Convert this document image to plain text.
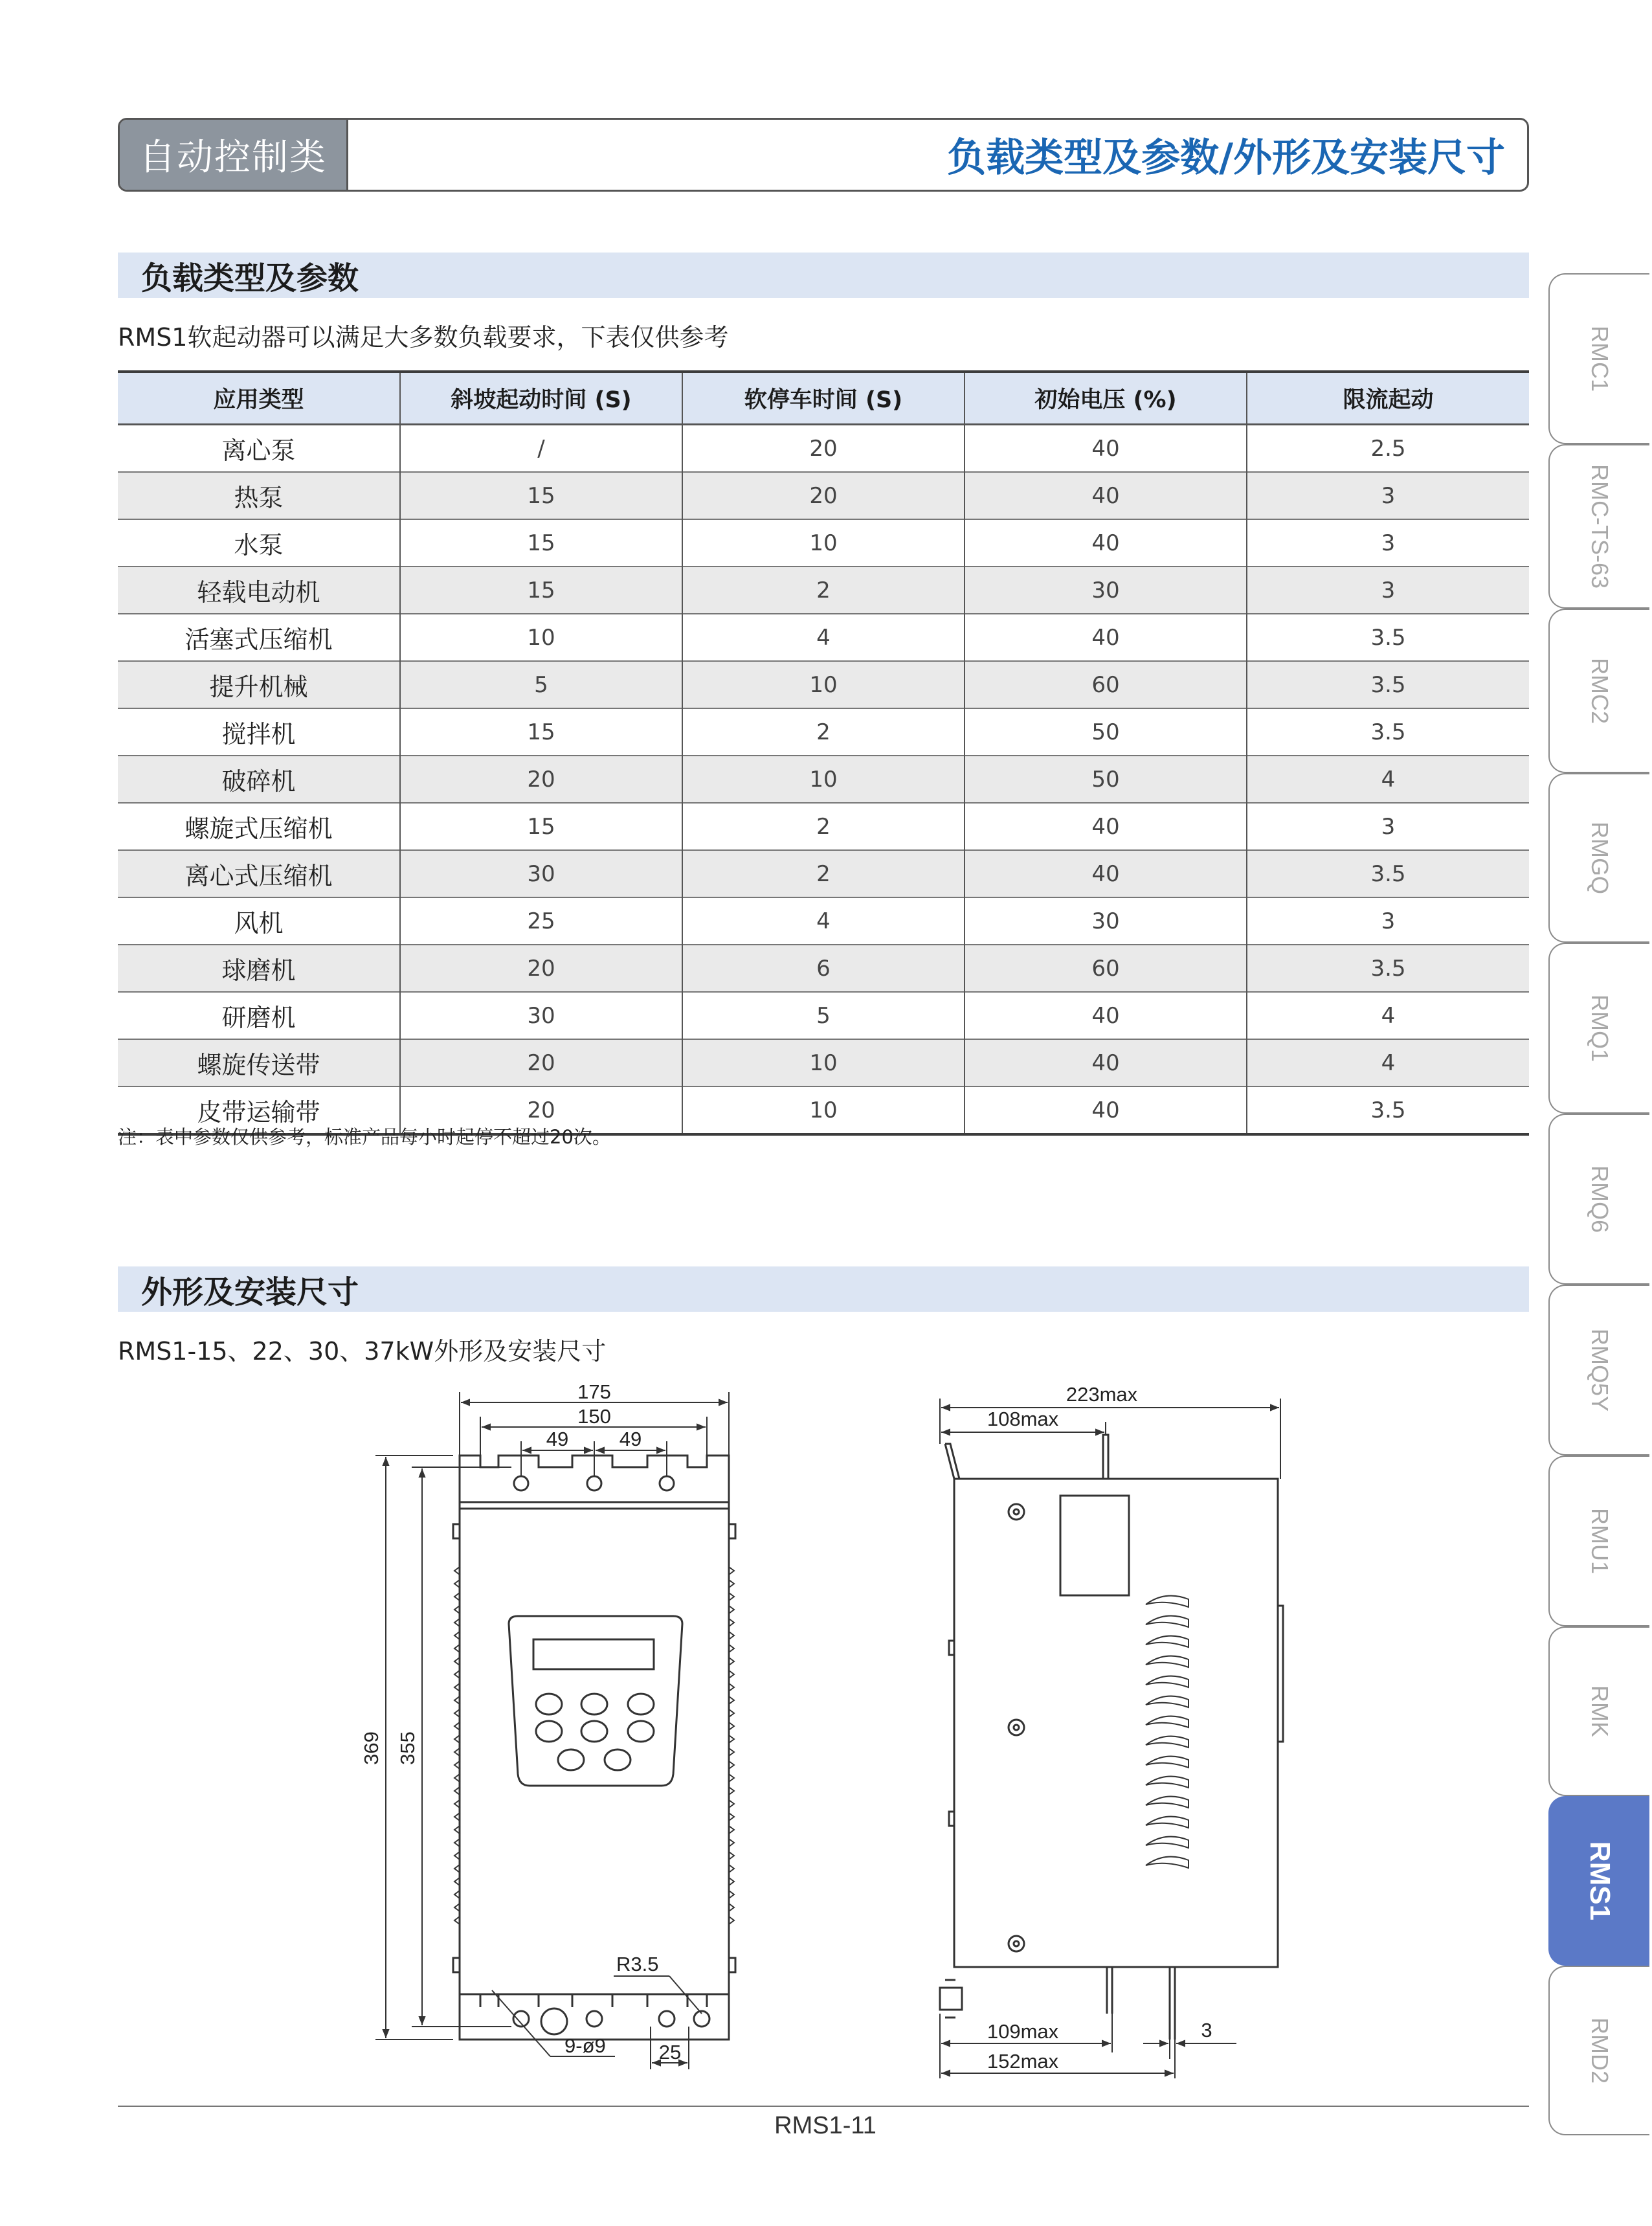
自动控制类	负载类型及参数/外形及安装尺寸
负载类型及参数
RMS1软起动器可以满足大多数负载要求，下表仅供参考
应用类型	斜坡起动时间 (S)	软停车时间 (S)	初始电压 (%)	限流起动
离心泵	/	20	40	2.5
热泵	15	20	40	3
水泵	15	10	40	3
轻载电动机	15	2	30	3
活塞式压缩机	10	4	40	3.5
提升机械	5	10	60	3.5
搅拌机	15	2	50	3.5
破碎机	20	10	50	4
螺旋式压缩机	15	2	40	3
离心式压缩机	30	2	40	3.5
风机	25	4	30	3
球磨机	20	6	60	3.5
研磨机	30	5	40	4
螺旋传送带	20	10	40	4
皮带运输带	20	10	40	3.5
注：表中参数仅供参考，标准产品每小时起停不超过20次。
外形及安装尺寸
RMS1-15、22、30、37kW外形及安装尺寸
175
150
49	49
369 355
R3.5
9-ø9	25
223max
108max
109max
152max
3
RMC1
RMC-TS-63
RMC2
RMGQ
RMQ1
RMQ6
RMQ5Y
RMU1
RMK
RMS1
RMD2
RMS1-11
